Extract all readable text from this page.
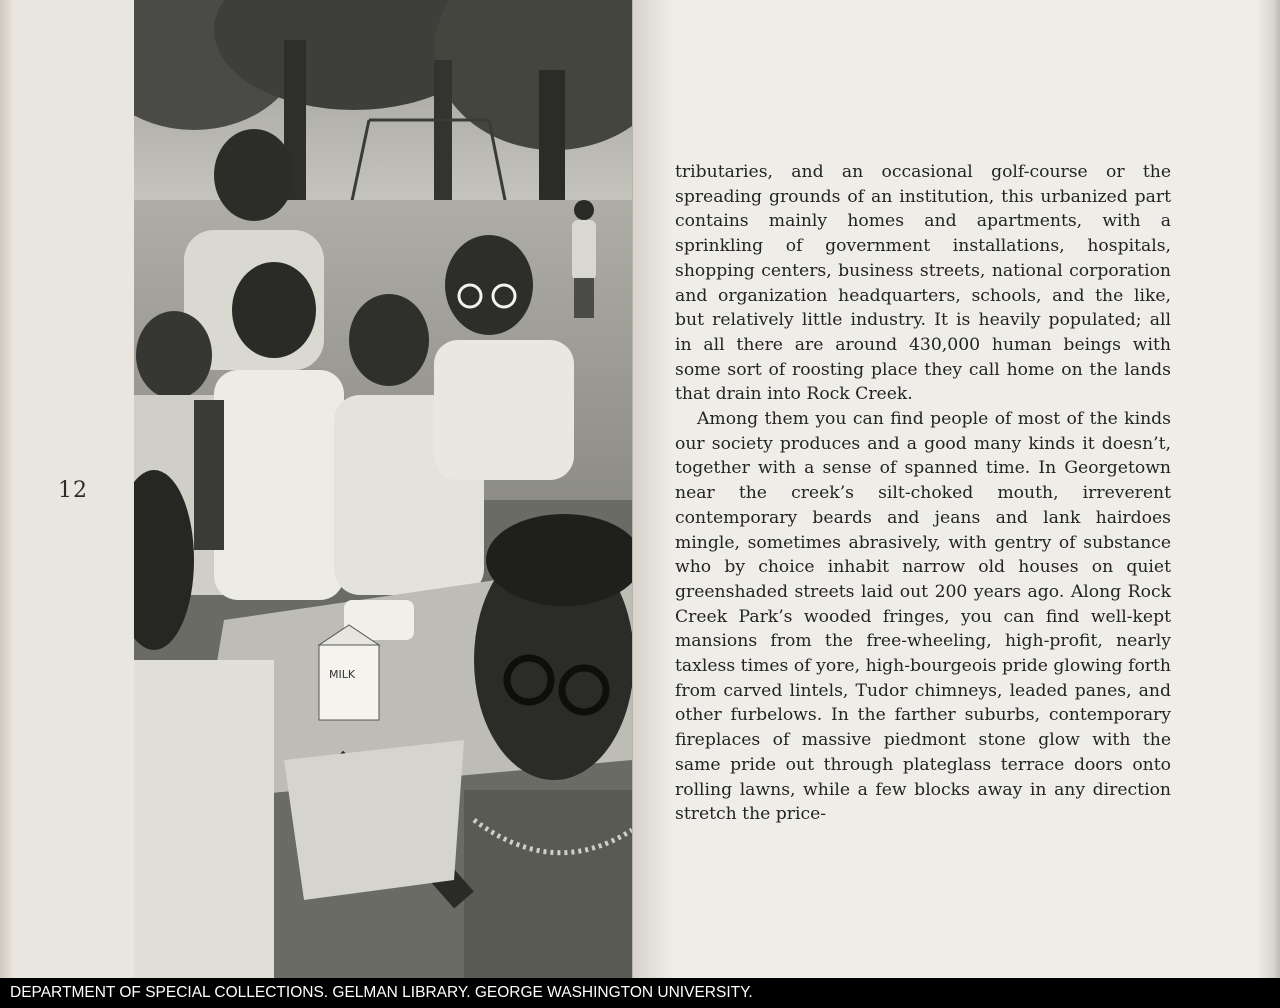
12
MILK

tributaries, and an occasional golf-course or the spreading grounds of an institution, this urbanized part contains mainly homes and apartments, with a sprinkling of government installations, hospitals, shopping centers, business streets, national corporation and organization headquarters, schools, and the like, but relatively little industry. It is heavily populated; all in all there are around 430,000 human beings with some sort of roosting place they call home on the lands that drain into Rock Creek.

Among them you can find people of most of the kinds our society produces and a good many kinds it doesn’t, together with a sense of spanned time. In Georgetown near the creek’s silt-choked mouth, irreverent contemporary beards and jeans and lank hairdoes mingle, sometimes abrasively, with gentry of substance who by choice inhabit narrow old houses on quiet greenshaded streets laid out 200 years ago. Along Rock Creek Park’s wooded fringes, you can find well-kept mansions from the free-wheeling, high-profit, nearly taxless times of yore, high-bourgeois pride glowing forth from carved lintels, Tudor chimneys, leaded panes, and other furbelows. In the farther suburbs, contemporary fireplaces of massive piedmont stone glow with the same pride out through plateglass terrace doors onto rolling lawns, while a few blocks away in any direction stretch the price-

DEPARTMENT OF SPECIAL COLLECTIONS. GELMAN LIBRARY. GEORGE WASHINGTON UNIVERSITY.
